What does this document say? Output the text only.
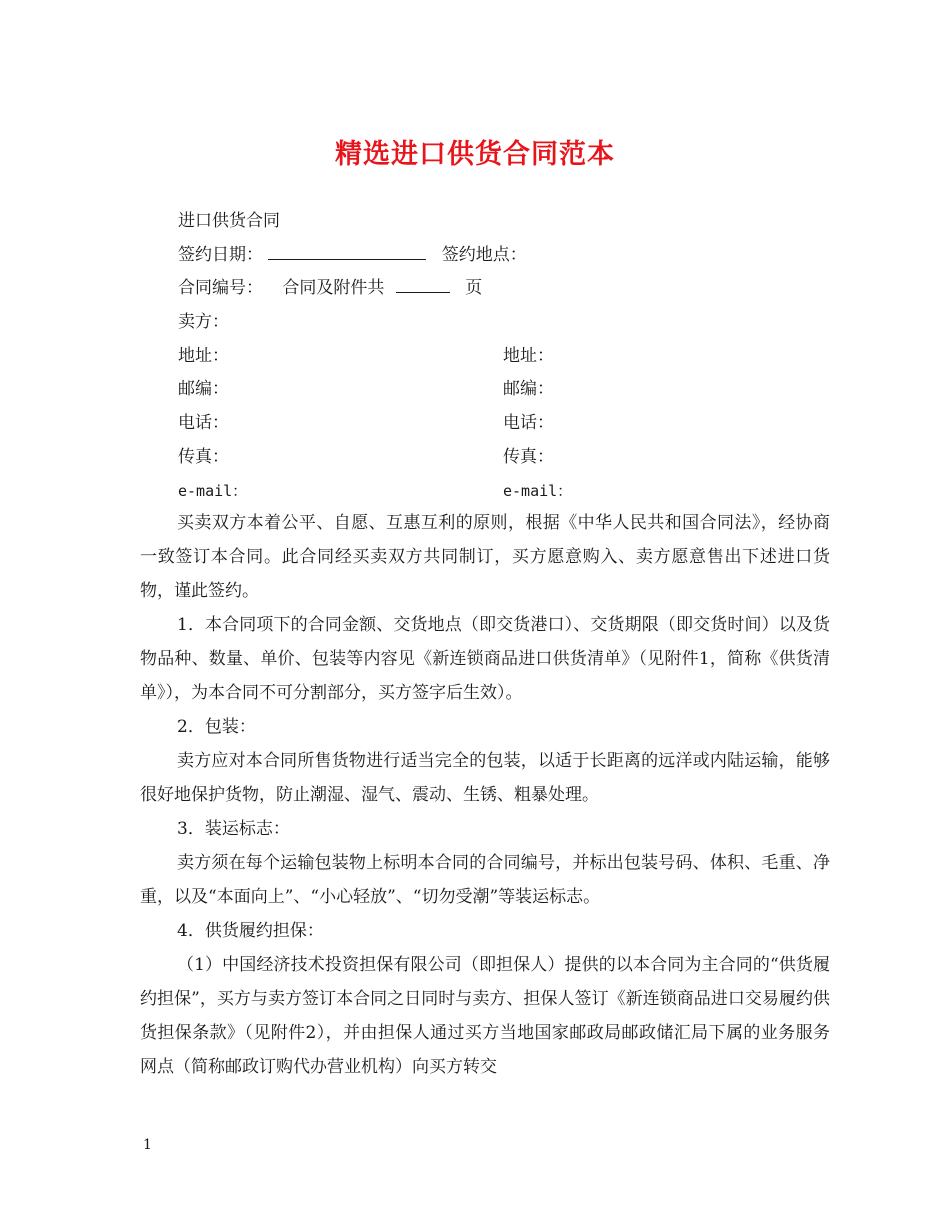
精选进口供货合同范本
进口供货合同
签约日期：	签约地点：
合同编号： 合同及附件共	页
卖方：
地址：	地址：
邮编：	邮编：
电话：	电话：
传真：	传真：
e-mail：	e-mail：

买卖双方本着公平、自愿、互惠互利的原则，根据《中华人民共和国合同法》，经协商一致签订本合同。此合同经买卖双方共同制订，买方愿意购入、卖方愿意售出下述进口货物，谨此签约。

1．本合同项下的合同金额、交货地点（即交货港口）、交货期限（即交货时间）以及货物品种、数量、单价、包装等内容见《新连锁商品进口供货清单》（见附件1，简称《供货清单》），为本合同不可分割部分，买方签字后生效）。

2．包装：

卖方应对本合同所售货物进行适当完全的包装，以适于长距离的远洋或内陆运输，能够很好地保护货物，防止潮湿、湿气、震动、生锈、粗暴处理。

3．装运标志：

卖方须在每个运输包装物上标明本合同的合同编号，并标出包装号码、体积、毛重、净重，以及“本面向上”、“小心轻放”、“切勿受潮”等装运标志。

4．供货履约担保：

（1）中国经济技术投资担保有限公司（即担保人）提供的以本合同为主合同的“供货履约担保”，买方与卖方签订本合同之日同时与卖方、担保人签订《新连锁商品进口交易履约供货担保条款》（见附件2），并由担保人通过买方当地国家邮政局邮政储汇局下属的业务服务网点（简称邮政订购代办营业机构）向买方转交

1
